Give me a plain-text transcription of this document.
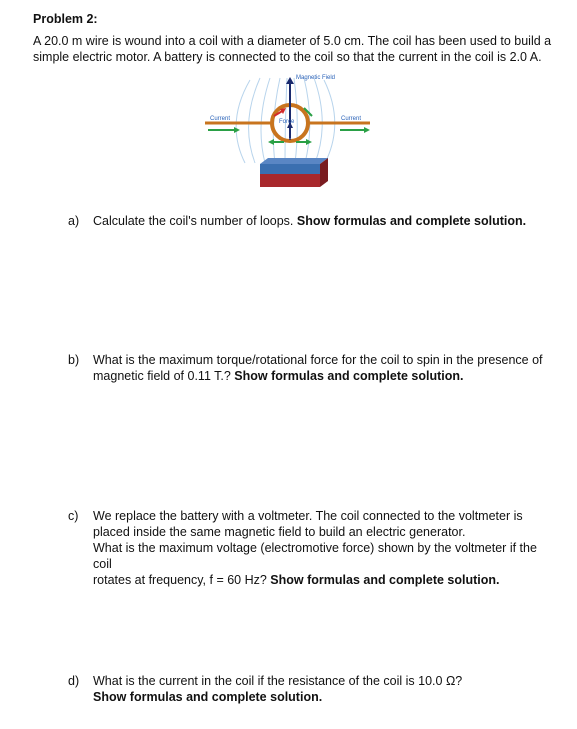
Problem 2:
A 20.0 m wire is wound into a coil with a diameter of 5.0 cm. The coil has been used to build a
simple electric motor. A battery is connected to the coil so that the current in the coil is 2.0 A.
Magnetic Field
Current	Current
Force
a) Calculate the coil's number of loops. Show formulas and complete solution.
b) What is the maximum torque/rotational force for the coil to spin in the presence of
magnetic field of 0.11 T.? Show formulas and complete solution.
c) We replace the battery with a voltmeter. The coil connected to the voltmeter is
placed inside the same magnetic field to build an electric generator.
What is the maximum voltage (electromotive force) shown by the voltmeter if the coil
rotates at frequency, f = 60 Hz? Show formulas and complete solution.
d) What is the current in the coil if the resistance of the coil is 10.0 Ω?
Show formulas and complete solution.
